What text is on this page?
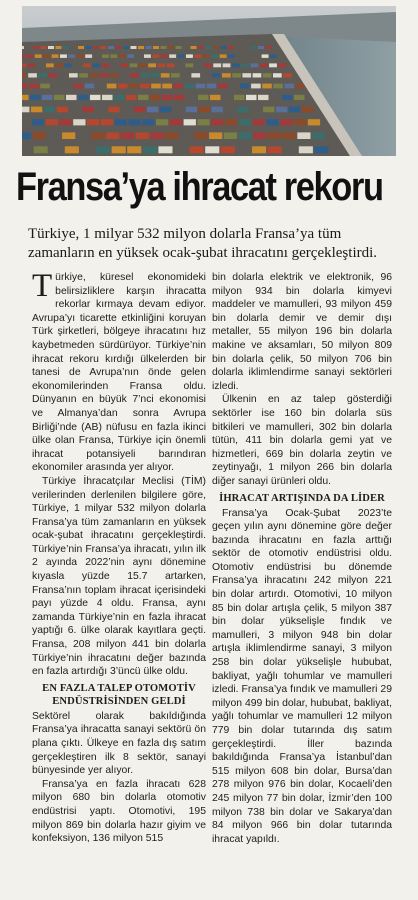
Fransa’ya ihracat rekoru
Türkiye, 1 milyar 532 milyon dolarla Fransa’ya tüm zamanların en yüksek ocak-şubat ihracatını gerçekleştirdi.

Türkiye, küresel ekonomideki belirsizliklere karşın ihracatta rekorlar kırmaya devam ediyor. Avrupa’yı ticarette etkinliğini koruyan Türk şirketleri, bölgeye ihracatını hız kaybetmeden sürdürüyor. Türkiye’nin ihracat rekoru kırdığı ülkelerden bir tanesi de Avrupa’nın önde gelen ekonomilerinden Fransa oldu. Dünyanın en büyük 7’nci ekonomisi ve Almanya’dan sonra Avrupa Birliği’nde (AB) nüfusu en fazla ikinci ülke olan Fransa, Türkiye için önemli ihracat potansiyeli barındıran ekonomiler arasında yer alıyor.

Türkiye İhracatçılar Meclisi (TİM) verilerinden derlenilen bilgilere göre, Türkiye, 1 milyar 532 milyon dolarla Fransa’ya tüm zamanların en yüksek ocak-şubat ihracatını gerçekleştirdi. Türkiye’nin Fransa’ya ihracatı, yılın ilk 2 ayında 2022’nin aynı dönemine kıyasla yüzde 15.7 artarken, Fransa’nın toplam ihracat içerisindeki payı yüzde 4 oldu. Fransa, aynı zamanda Türkiye’nin en fazla ihracat yaptığı 6. ülke olarak kayıtlara geçti. Fransa, 208 milyon 441 bin dolarla Türkiye’nin ihracatını değer bazında en fazla artırdığı 3’üncü ülke oldu.

EN FAZLA TALEP OTOMOTİV ENDÜSTRİSİNDEN GELDİ

Sektörel olarak bakıldığında Fransa’ya ihracatta sanayi sektörü ön plana çıktı. Ülkeye en fazla dış satım gerçekleştiren ilk 8 sektör, sanayi bünyesinde yer alıyor.

Fransa’ya en fazla ihracatı 628 milyon 680 bin dolarla otomotiv endüstrisi yaptı. Otomotivi, 195 milyon 869 bin dolarla hazır giyim ve konfeksiyon, 136 milyon 515

bin dolarla elektrik ve elektronik, 96 milyon 934 bin dolarla kimyevi maddeler ve mamulleri, 93 milyon 459 bin dolarla demir ve demir dışı metaller, 55 milyon 196 bin dolarla makine ve aksamları, 50 milyon 809 bin dolarla çelik, 50 milyon 706 bin dolarla iklimlendirme sanayi sektörleri izledi.

Ülkenin en az talep gösterdiği sektörler ise 160 bin dolarla süs bitkileri ve mamulleri, 302 bin dolarla tütün, 411 bin dolarla gemi yat ve hizmetleri, 669 bin dolarla zeytin ve zeytinyağı, 1 milyon 266 bin dolarla diğer sanayi ürünleri oldu.

İHRACAT ARTIŞINDA DA LİDER

Fransa’ya Ocak-Şubat 2023’te geçen yılın aynı dönemine göre değer bazında ihracatını en fazla arttığı sektör de otomotiv endüstrisi oldu. Otomotiv endüstrisi bu dönemde Fransa’ya ihracatını 242 milyon 221 bin dolar artırdı. Otomotivi, 10 milyon 85 bin dolar artışla çelik, 5 milyon 387 bin dolar yükselişle fındık ve mamulleri, 3 milyon 948 bin dolar artışla iklimlendirme sanayi, 3 milyon 258 bin dolar yükselişle hububat, bakliyat, yağlı tohumlar ve mamulleri izledi. Fransa’ya fındık ve mamulleri 29 milyon 499 bin dolar, hububat, bakliyat, yağlı tohumlar ve mamulleri 12 milyon 779 bin dolar tutarında dış satım gerçekleştirdi. İller bazında bakıldığında Fransa’ya İstanbul’dan 515 milyon 608 bin dolar, Bursa’dan 278 milyon 976 bin dolar, Kocaeli’den 245 milyon 77 bin dolar, İzmir’den 100 milyon 738 bin dolar ve Sakarya’dan 84 milyon 966 bin dolar tutarında ihracat yapıldı.
